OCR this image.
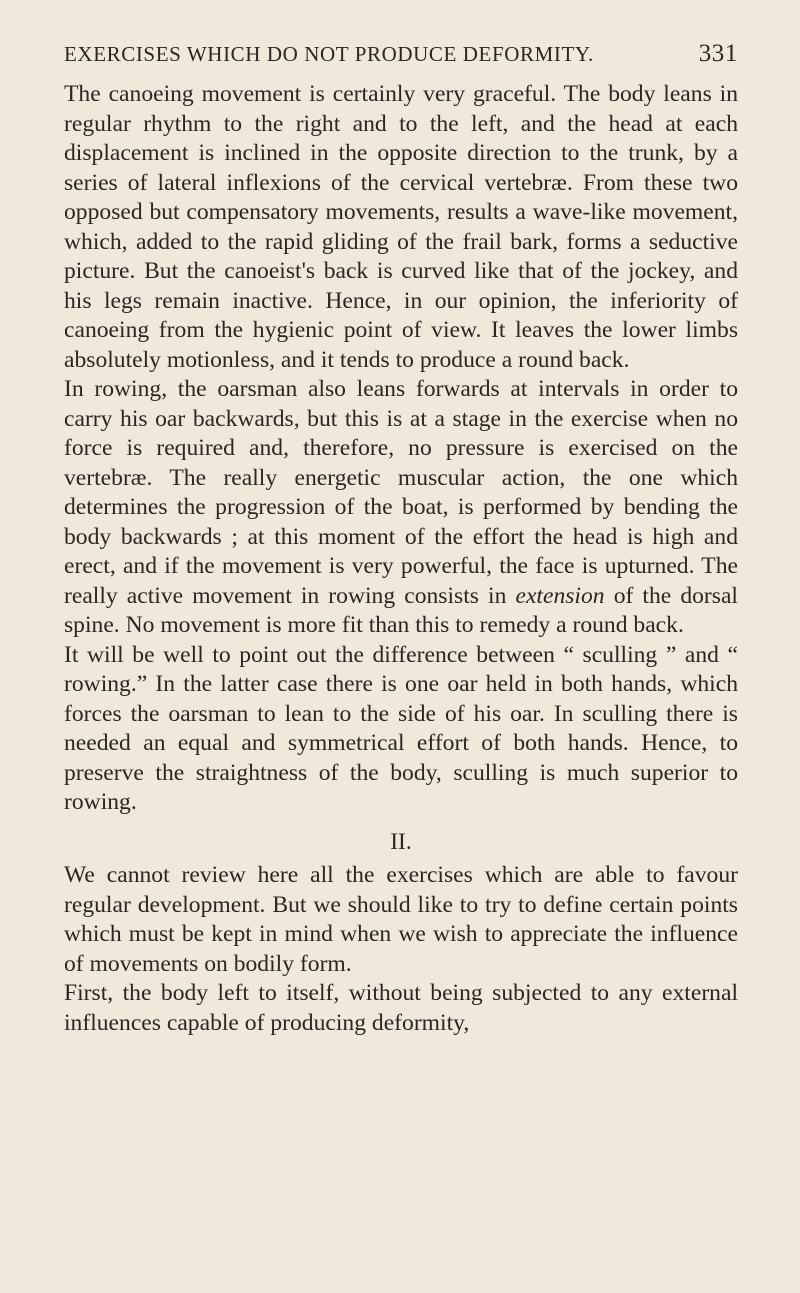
EXERCISES WHICH DO NOT PRODUCE DEFORMITY.	331

The canoeing movement is certainly very graceful. The body leans in regular rhythm to the right and to the left, and the head at each displacement is inclined in the opposite direction to the trunk, by a series of lateral inflexions of the cervical vertebræ. From these two opposed but compensatory movements, results a wave-like movement, which, added to the rapid gliding of the frail bark, forms a seductive picture. But the canoeist's back is curved like that of the jockey, and his legs remain inactive. Hence, in our opinion, the inferiority of canoeing from the hygienic point of view. It leaves the lower limbs absolutely motionless, and it tends to produce a round back.

In rowing, the oarsman also leans forwards at intervals in order to carry his oar backwards, but this is at a stage in the exercise when no force is required and, therefore, no pressure is exercised on the vertebræ. The really energetic muscular action, the one which determines the progression of the boat, is performed by bending the body backwards ; at this moment of the effort the head is high and erect, and if the movement is very powerful, the face is upturned. The really active movement in rowing consists in extension of the dorsal spine. No movement is more fit than this to remedy a round back.

It will be well to point out the difference between “ sculling ” and “ rowing.” In the latter case there is one oar held in both hands, which forces the oarsman to lean to the side of his oar. In sculling there is needed an equal and symmetrical effort of both hands. Hence, to preserve the straightness of the body, sculling is much superior to rowing.

II.

We cannot review here all the exercises which are able to favour regular development. But we should like to try to define certain points which must be kept in mind when we wish to appreciate the influence of movements on bodily form.

First, the body left to itself, without being subjected to any external influences capable of producing deformity,
